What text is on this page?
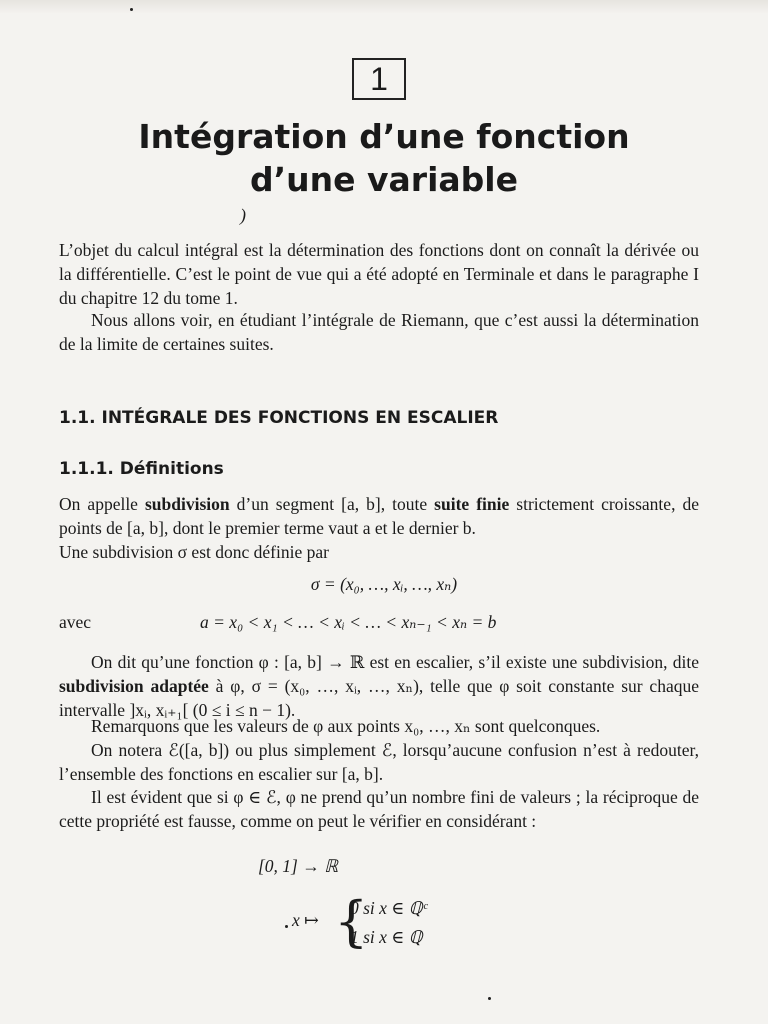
1
Intégration d’une fonction
d’une variable
)
L’objet du calcul intégral est la détermination des fonctions dont on connaît la dérivée ou la différentielle. C’est le point de vue qui a été adopté en Terminale et dans le paragraphe I du chapitre 12 du tome 1.
Nous allons voir, en étudiant l’intégrale de Riemann, que c’est aussi la détermination de la limite de certaines suites.
1.1. INTÉGRALE DES FONCTIONS EN ESCALIER
1.1.1. Définitions
On appelle subdivision d’un segment [a, b], toute suite finie strictement croissante, de points de [a, b], dont le premier terme vaut a et le dernier b.
Une subdivision σ est donc définie par
σ = (x₀, …, xᵢ, …, xₙ)
avec	a = x₀ < x₁ < … < xᵢ < … < xₙ₋₁ < xₙ = b
On dit qu’une fonction φ : [a, b] → ℝ est en escalier, s’il existe une subdivision, dite subdivision adaptée à φ, σ = (x₀, …, xᵢ, …, xₙ), telle que φ soit constante sur chaque intervalle ]xᵢ, xᵢ₊₁[ (0 ≤ i ≤ n − 1).
Remarquons que les valeurs de φ aux points x₀, …, xₙ sont quelconques.
On notera ℰ([a, b]) ou plus simplement ℰ, lorsqu’aucune confusion n’est à redouter, l’ensemble des fonctions en escalier sur [a, b].
Il est évident que si φ ∈ ℰ, φ ne prend qu’un nombre fini de valeurs ; la réciproque de cette propriété est fausse, comme on peut le vérifier en considérant :
[0, 1] → ℝ
x ↦ {
0 si x ∈ ℚᶜ
1 si x ∈ ℚ
